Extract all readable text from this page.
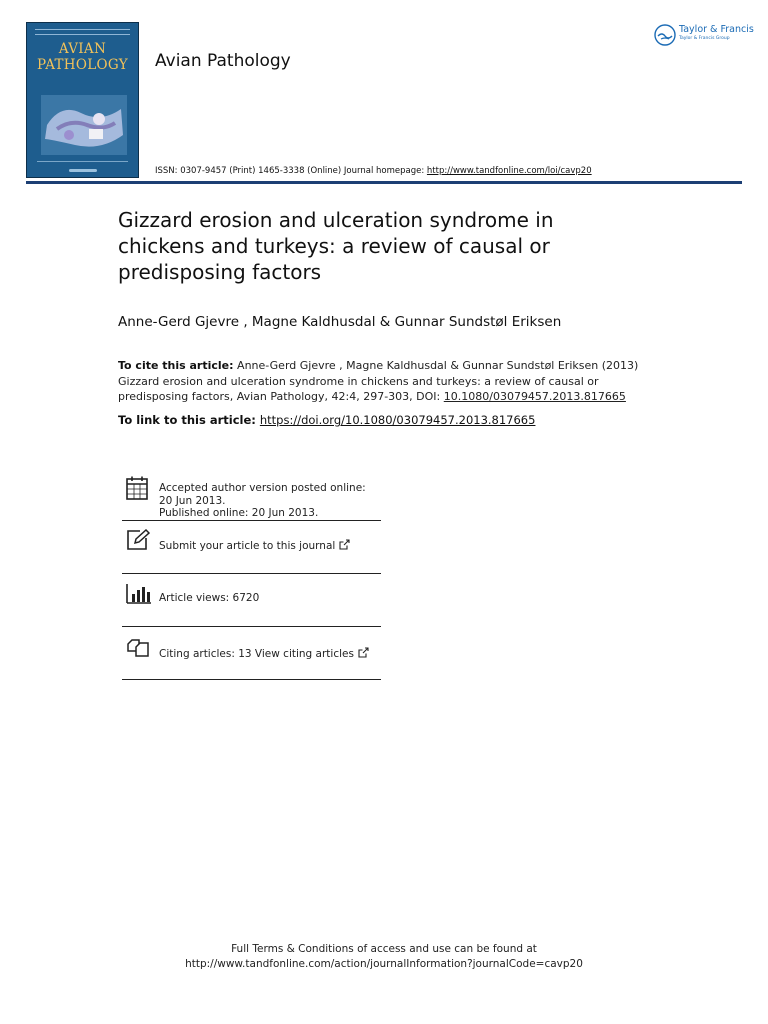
AVIAN
PATHOLOGY	Avian Pathology
Taylor & Francis
Taylor & Francis Group
ISSN: 0307-9457 (Print) 1465-3338 (Online) Journal homepage: http://www.tandfonline.com/loi/cavp20
Gizzard erosion and ulceration syndrome in chickens and turkeys: a review of causal or predisposing factors
Anne-Gerd Gjevre , Magne Kaldhusdal & Gunnar Sundstøl Eriksen
To cite this article: Anne-Gerd Gjevre , Magne Kaldhusdal & Gunnar Sundstøl Eriksen (2013) Gizzard erosion and ulceration syndrome in chickens and turkeys: a review of causal or predisposing factors, Avian Pathology, 42:4, 297-303, DOI: 10.1080/03079457.2013.817665
To link to this article: https://doi.org/10.1080/03079457.2013.817665
Accepted author version posted online: 20 Jun 2013.
Published online: 20 Jun 2013.
Submit your article to this journal
Article views: 6720
Citing articles: 13 View citing articles
Full Terms & Conditions of access and use can be found at
http://www.tandfonline.com/action/journalInformation?journalCode=cavp20
